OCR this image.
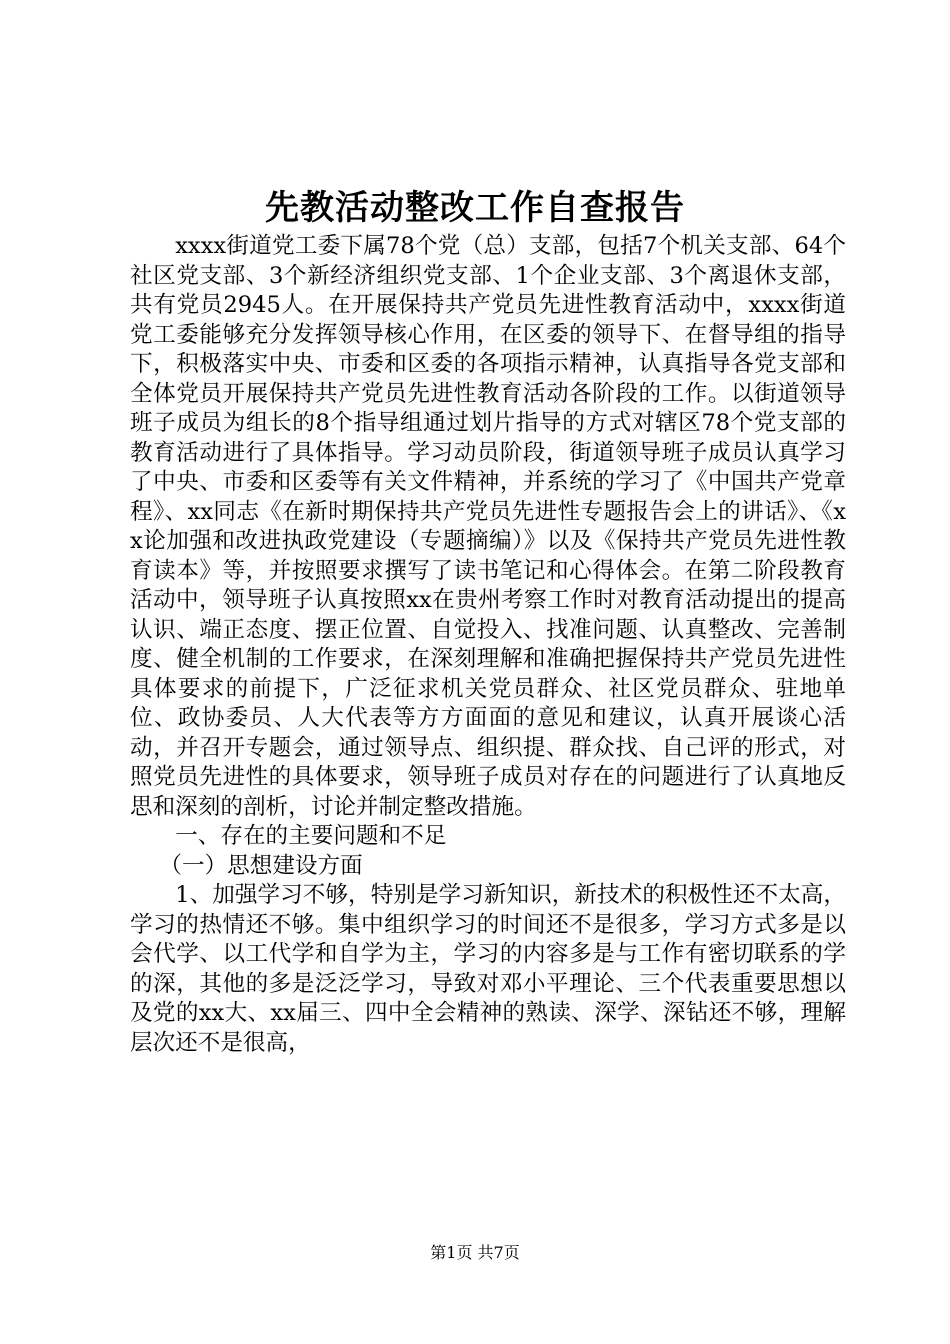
先教活动整改工作自查报告

xxxx街道党工委下属78个党（总）支部，包括7个机关支部、64个社区党支部、3个新经济组织党支部、1个企业支部、3个离退休支部，共有党员2945人。在开展保持共产党员先进性教育活动中，xxxx街道党工委能够充分发挥领导核心作用，在区委的领导下、在督导组的指导下，积极落实中央、市委和区委的各项指示精神，认真指导各党支部和全体党员开展保持共产党员先进性教育活动各阶段的工作。以街道领导班子成员为组长的8个指导组通过划片指导的方式对辖区78个党支部的教育活动进行了具体指导。学习动员阶段，街道领导班子成员认真学习了中央、市委和区委等有关文件精神，并系统的学习了《中国共产党章程》、xx同志《在新时期保持共产党员先进性专题报告会上的讲话》、《xx论加强和改进执政党建设（专题摘编）》以及《保持共产党员先进性教育读本》等，并按照要求撰写了读书笔记和心得体会。在第二阶段教育活动中，领导班子认真按照xx在贵州考察工作时对教育活动提出的提高认识、端正态度、摆正位置、自觉投入、找准问题、认真整改、完善制度、健全机制的工作要求，在深刻理解和准确把握保持共产党员先进性具体要求的前提下，广泛征求机关党员群众、社区党员群众、驻地单位、政协委员、人大代表等方方面面的意见和建议，认真开展谈心活动，并召开专题会，通过领导点、组织提、群众找、自己评的形式，对照党员先进性的具体要求，领导班子成员对存在的问题进行了认真地反思和深刻的剖析，讨论并制定整改措施。

一、存在的主要问题和不足

（一）思想建设方面

1、加强学习不够，特别是学习新知识，新技术的积极性还不太高，学习的热情还不够。集中组织学习的时间还不是很多，学习方式多是以会代学、以工代学和自学为主，学习的内容多是与工作有密切联系的学的深，其他的多是泛泛学习，导致对邓小平理论、三个代表重要思想以及党的xx大、xx届三、四中全会精神的熟读、深学、深钻还不够，理解层次还不是很高，

第1页 共7页
